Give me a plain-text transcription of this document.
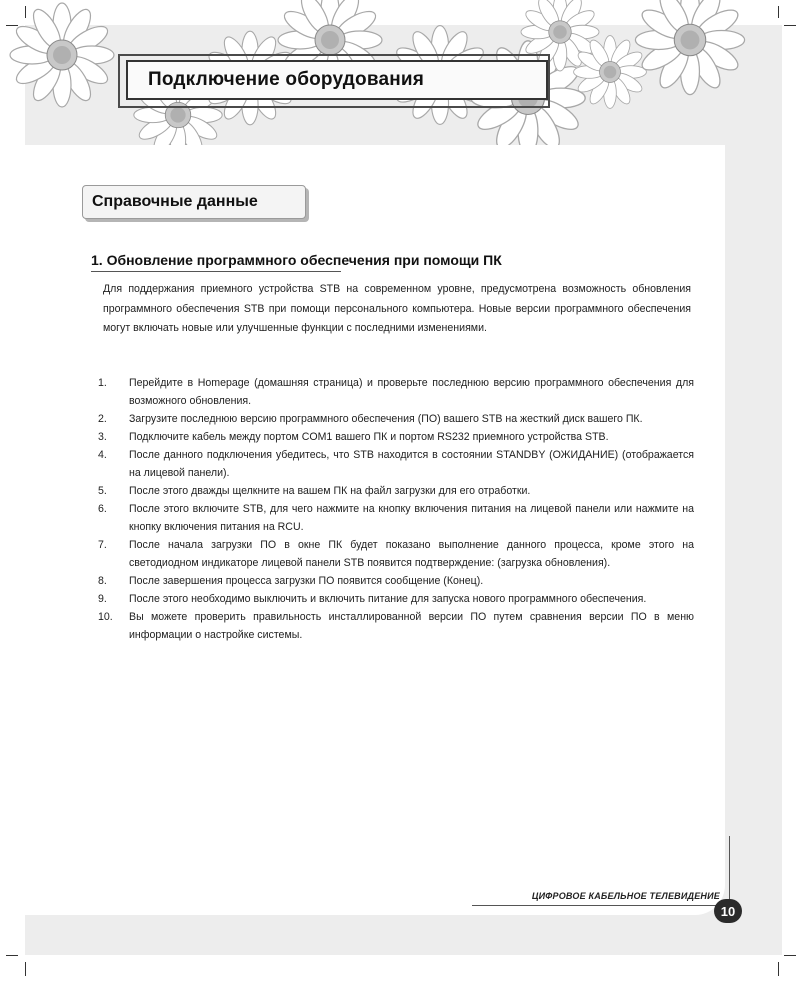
Подключение оборудования
Справочные данные
1. Обновление программного обеспечения при помощи ПК

Для поддержания приемного устройства STB на современном уровне, предусмотрена возможность обновления программного обеспечения STB при помощи персонального компьютера. Новые версии программного обеспечения могут включать новые или улучшенные функции с последними изменениями.

1.	Перейдите в Homepage (домашняя страница) и проверьте последнюю версию программного обеспечения для возможного обновления.
2.	Загрузите последнюю версию программного обеспечения (ПО) вашего STB на жесткий диск вашего ПК.
3.	Подключите кабель между портом COM1 вашего ПК и портом RS232 приемного устройства STB.
4.	После данного подключения убедитесь, что STB находится в состоянии STANDBY (ОЖИДАНИЕ) (отображается на лицевой панели).
5.	После этого дважды щелкните на вашем ПК на файл загрузки для его отработки.
6.	После этого включите STB, для чего нажмите на кнопку включения питания на лицевой панели или нажмите на кнопку включения питания на RCU.
7.	После начала загрузки ПО в окне ПК будет показано выполнение данного процесса, кроме этого на светодиодном индикаторе лицевой панели STB появится подтверждение: (загрузка обновления).
8.	После завершения процесса загрузки ПО появится сообщение (Конец).
9.	После этого необходимо выключить и включить питание для запуска нового программного обеспечения.
10.	Вы можете проверить правильность инсталлированной версии ПО путем сравнения версии ПО в меню информации о настройке системы.
ЦИФРОВОЕ КАБЕЛЬНОЕ ТЕЛЕВИДЕНИЕ
10
